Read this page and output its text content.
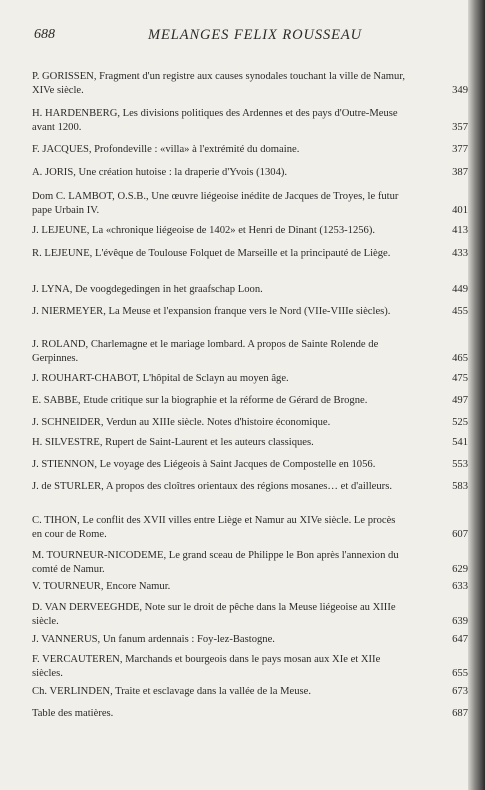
688	MELANGES FELIX ROUSSEAU
P. GORISSEN, Fragment d'un registre aux causes synodales touchant la ville de Namur, XIVe siècle.	349
H. HARDENBERG, Les divisions politiques des Ardennes et des pays d'Outre-Meuse avant 1200.	357
F. JACQUES, Profondeville : «villa» à l'extrémité du domaine.	377
A. JORIS, Une création hutoise : la draperie d'Yvois (1304).	387
Dom C. LAMBOT, O.S.B., Une œuvre liégeoise inédite de Jacques de Troyes, le futur pape Urbain IV.	401
J. LEJEUNE, La «chronique liégeoise de 1402» et Henri de Dinant (1253-1256).	413
R. LEJEUNE, L'évêque de Toulouse Folquet de Marseille et la principauté de Liège.	433
J. LYNA, De voogdegedingen in het graafschap Loon.	449
J. NIERMEYER, La Meuse et l'expansion franque vers le Nord (VIIe-VIIIe siècles).	455
J. ROLAND, Charlemagne et le mariage lombard. A propos de Sainte Rolende de Gerpinnes.	465
J. ROUHART-CHABOT, L'hôpital de Sclayn au moyen âge.	475
E. SABBE, Etude critique sur la biographie et la réforme de Gérard de Brogne.	497
J. SCHNEIDER, Verdun au XIIIe siècle. Notes d'histoire économique.	525
H. SILVESTRE, Rupert de Saint-Laurent et les auteurs classiques.	541
J. STIENNON, Le voyage des Liégeois à Saint Jacques de Compostelle en 1056.	553
J. de STURLER, A propos des cloîtres orientaux des régions mosanes… et d'ailleurs.	583
C. TIHON, Le conflit des XVII villes entre Liège et Namur au XIVe siècle. Le procès en cour de Rome.	607
M. TOURNEUR-NICODEME, Le grand sceau de Philippe le Bon après l'annexion du comté de Namur.	629
V. TOURNEUR, Encore Namur.	633
D. VAN DERVEEGHDE, Note sur le droit de pêche dans la Meuse liégeoise au XIIIe siècle.	639
J. VANNERUS, Un fanum ardennais : Foy-lez-Bastogne.	647
F. VERCAUTEREN, Marchands et bourgeois dans le pays mosan aux XIe et XIIe siècles.	655
Ch. VERLINDEN, Traite et esclavage dans la vallée de la Meuse.	673
Table des matières.	687
